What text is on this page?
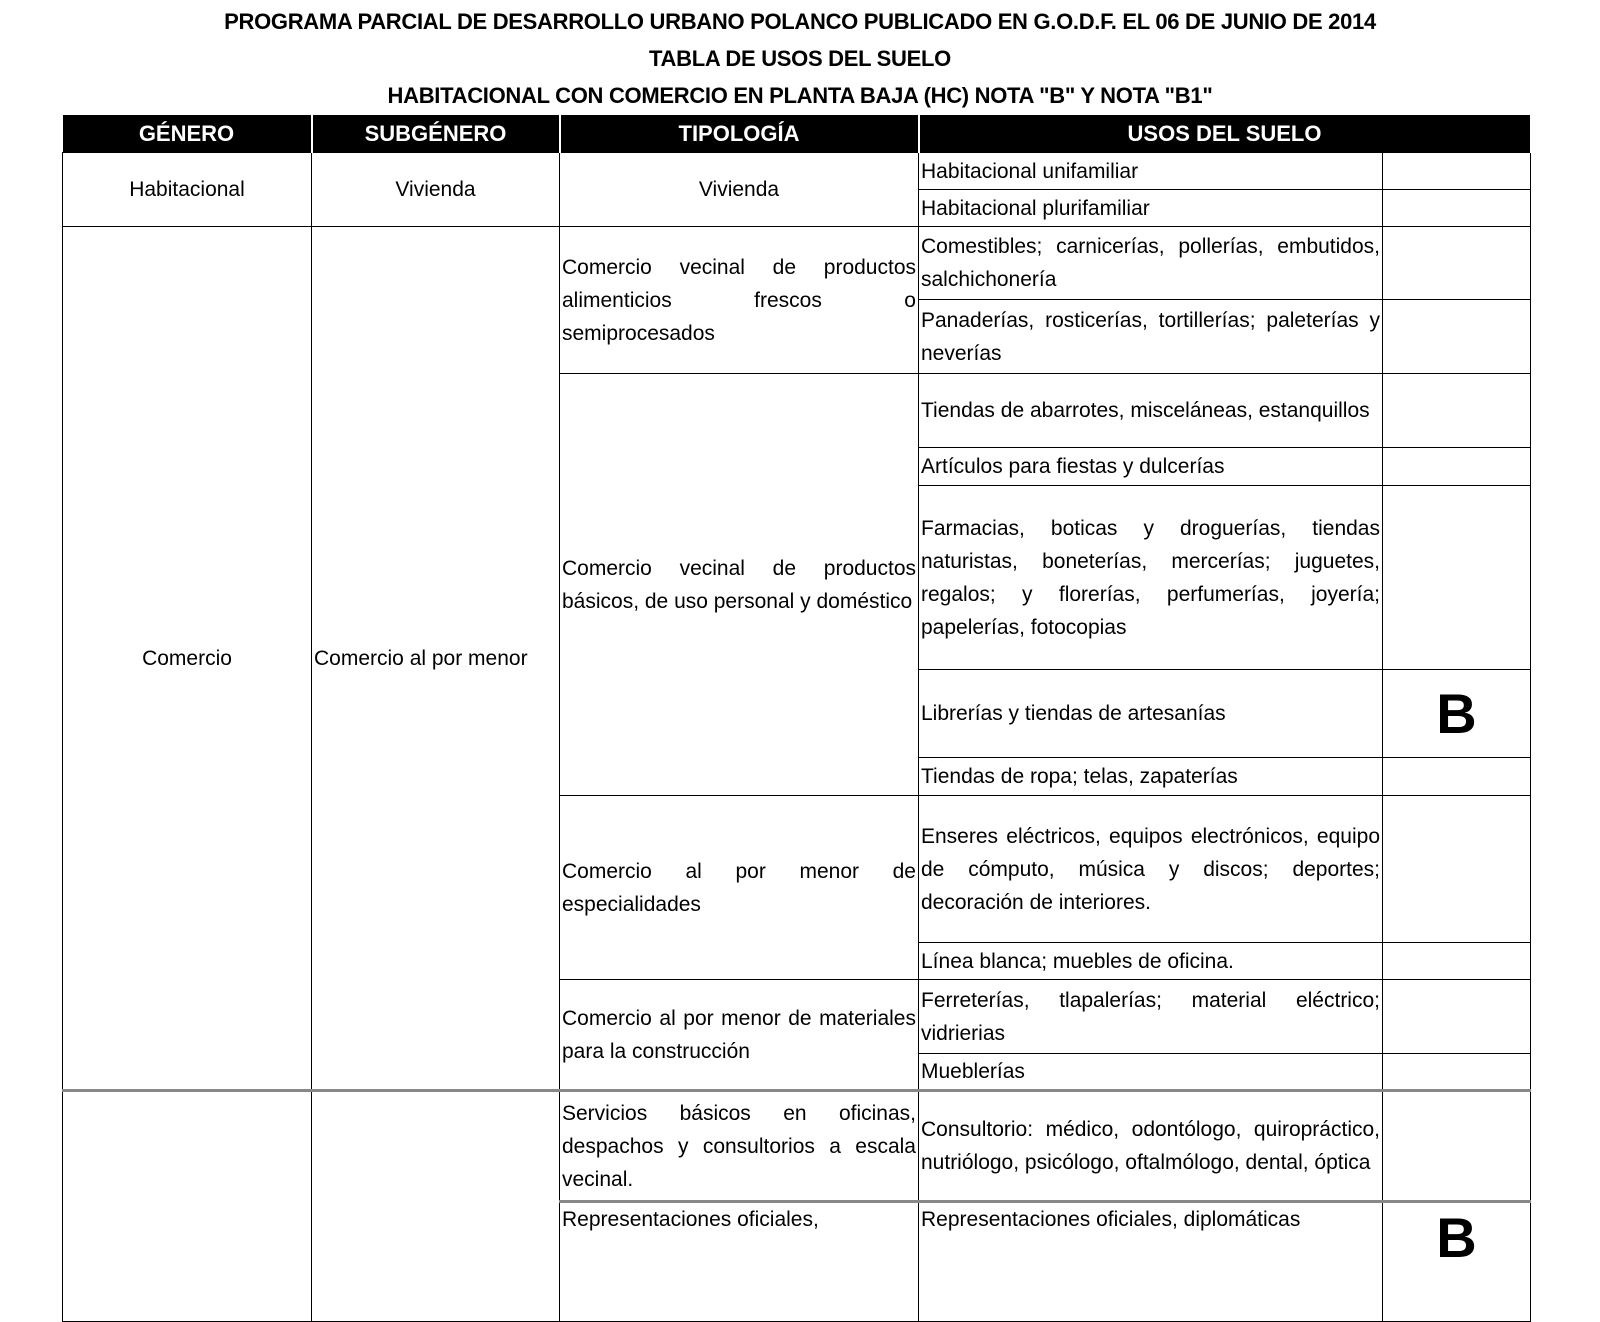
PROGRAMA PARCIAL DE DESARROLLO URBANO POLANCO PUBLICADO EN G.O.D.F. EL 06 DE JUNIO DE 2014
TABLA DE USOS DEL SUELO
HABITACIONAL CON COMERCIO EN PLANTA BAJA (HC) NOTA "B" Y NOTA "B1"
GÉNERO	SUBGÉNERO	TIPOLOGÍA	USOS DEL SUELO	
Habitacional	Vivienda	Vivienda	Habitacional unifamiliar	
			Habitacional plurifamiliar	
Comercio	Comercio al por menor	Comercio vecinal de productos alimenticios frescos o semiprocesados	Comestibles; carnicerías, pollerías, embutidos, salchichonería	
			Panaderías, rosticerías, tortillerías; paleterías y neverías	
		Comercio vecinal de productos básicos, de uso personal y doméstico	Tiendas de abarrotes, misceláneas, estanquillos	
			Artículos para fiestas y dulcerías	
			Farmacias, boticas y droguerías, tiendas naturistas, boneterías, mercerías; juguetes, regalos; y florerías, perfumerías, joyería; papelerías, fotocopias	
			Librerías y tiendas de artesanías	B
			Tiendas de ropa; telas, zapaterías	
		Comercio al por menor de especialidades	Enseres eléctricos, equipos electrónicos, equipo de cómputo, música y discos; deportes; decoración de interiores.	
			Línea blanca; muebles de oficina.	
		Comercio al por menor de materiales para la construcción	Ferreterías, tlapalerías; material eléctrico; vidrierias	
			Mueblerías	
		Servicios básicos en oficinas, despachos y consultorios a escala vecinal.	Consultorio: médico, odontólogo, quiropráctico, nutriólogo, psicólogo, oftalmólogo, dental, óptica	
		Representaciones oficiales,	Representaciones oficiales, diplomáticas	B
